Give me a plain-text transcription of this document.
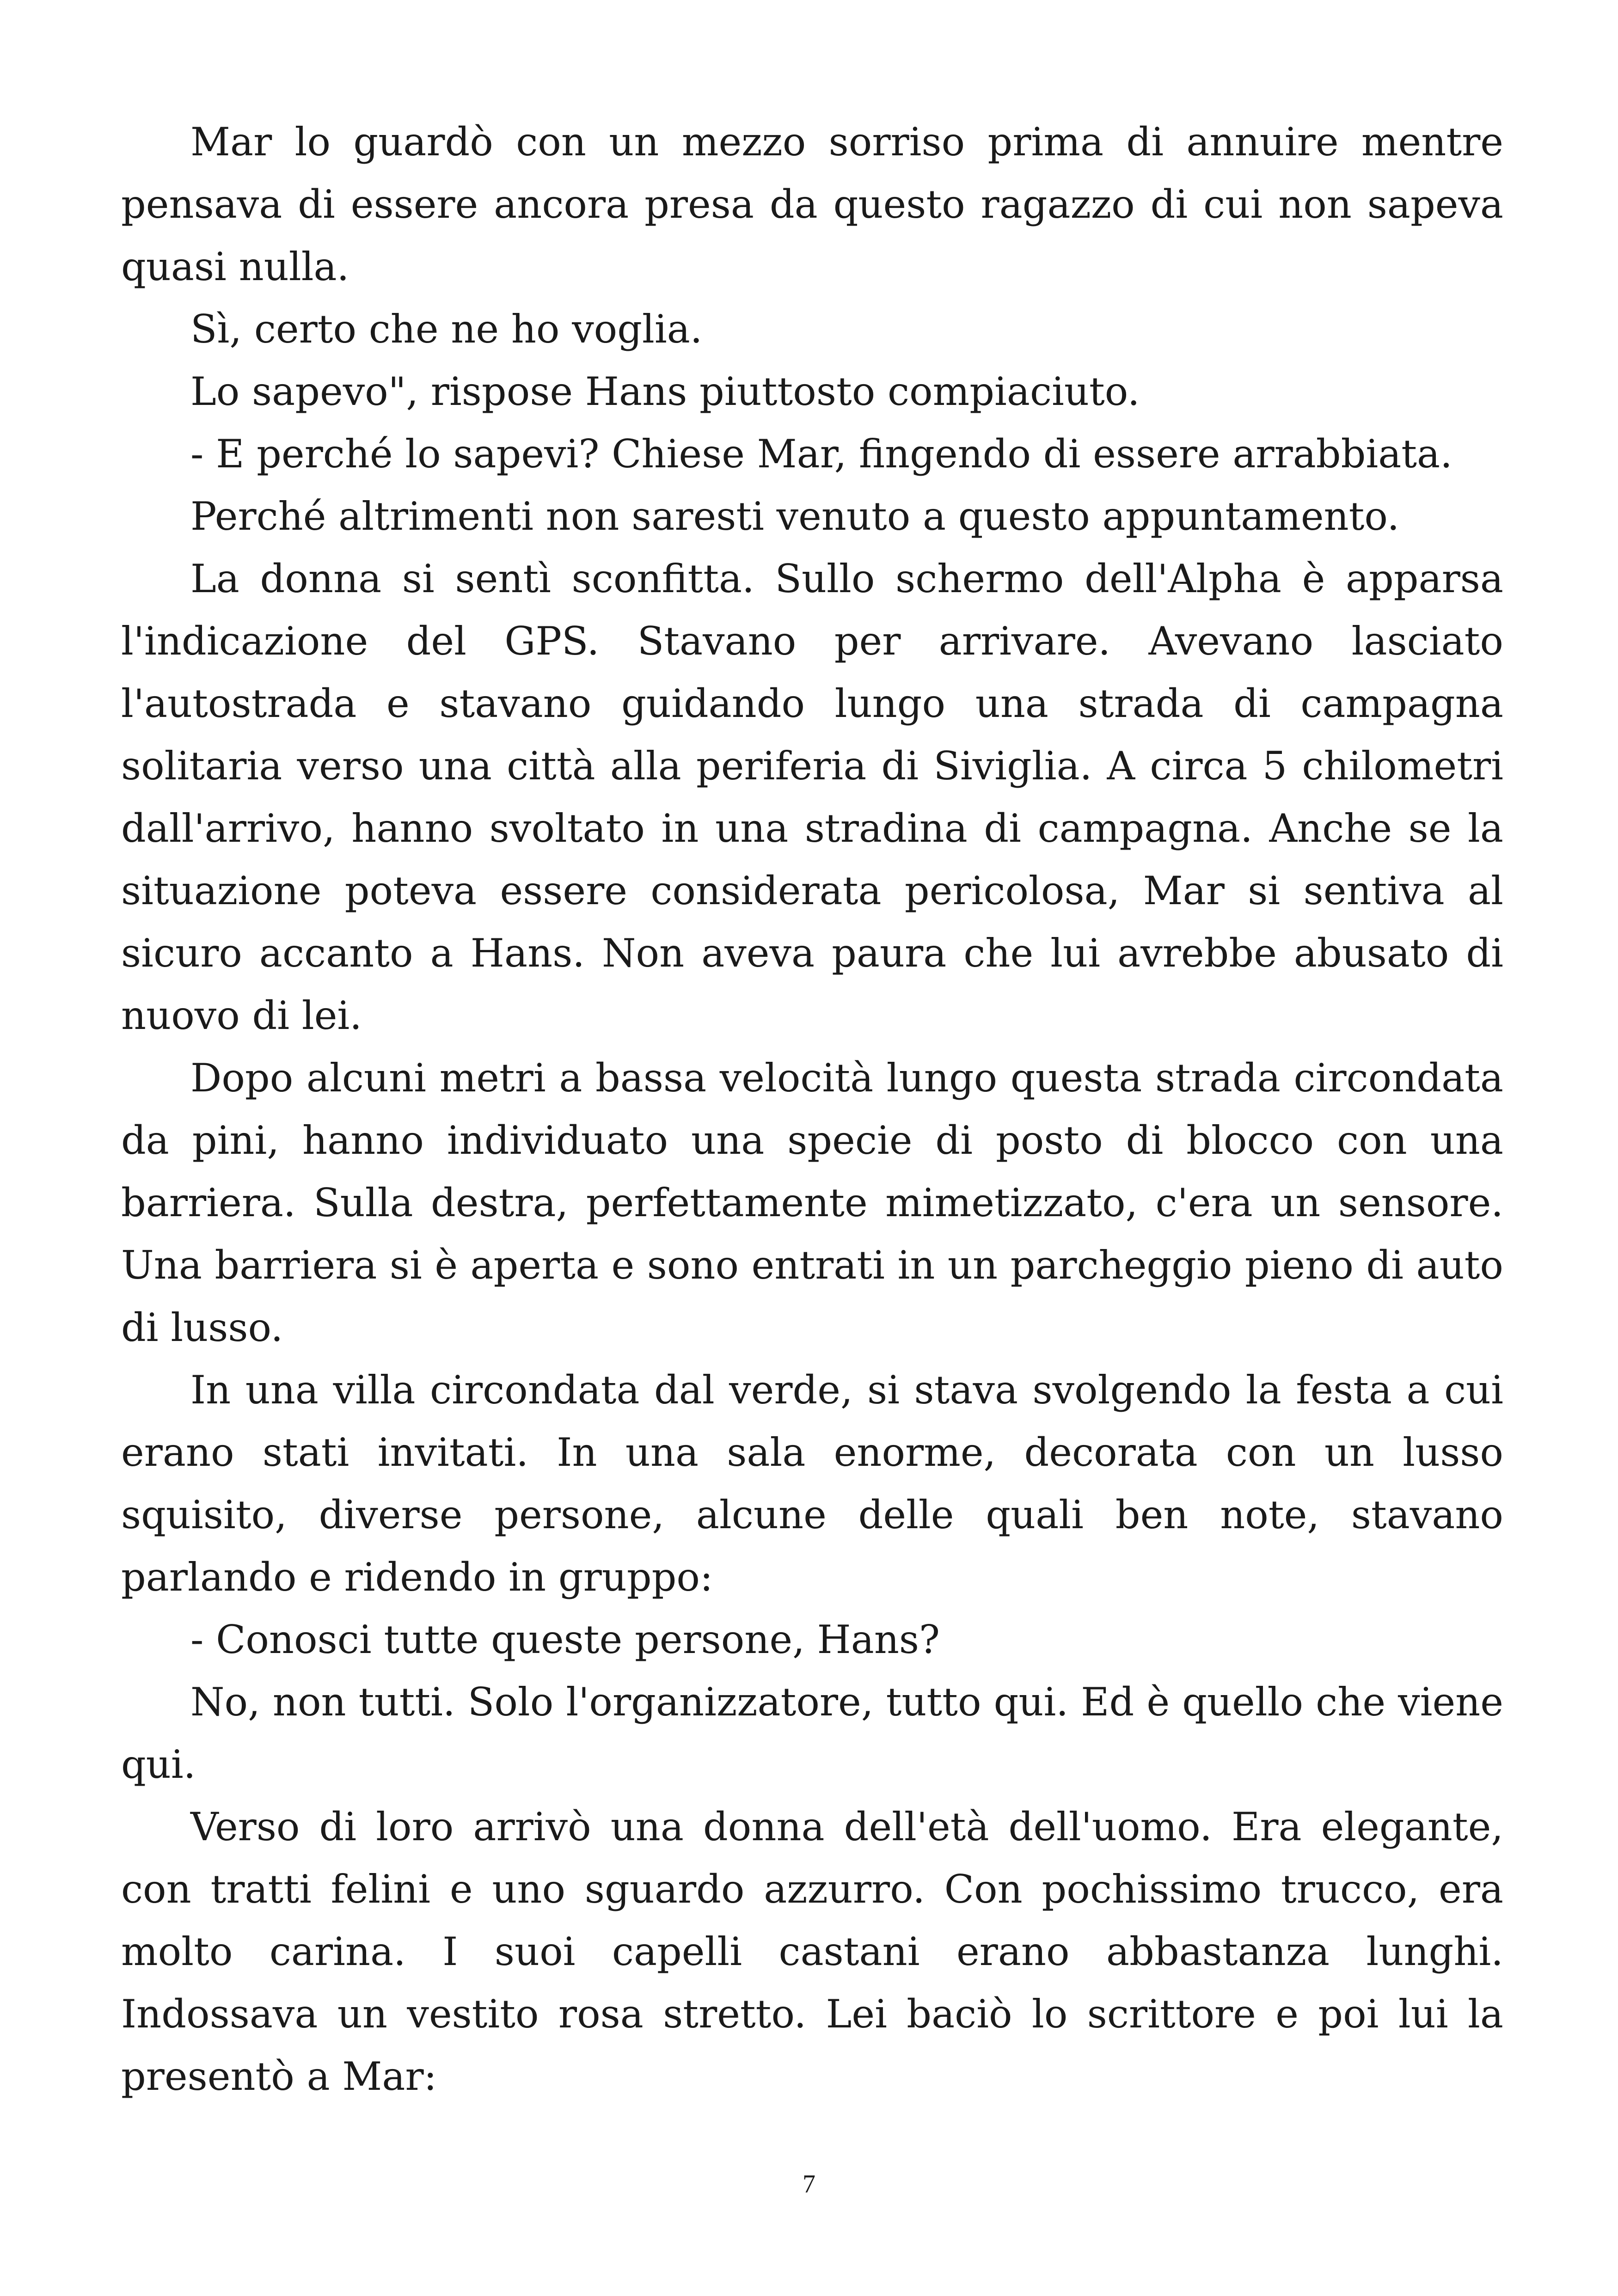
Mar lo guardò con un mezzo sorriso prima di annuire mentre pensava di essere ancora presa da questo ragazzo di cui non sapeva quasi nulla.

Sì, certo che ne ho voglia.

Lo sapevo", rispose Hans piuttosto compiaciuto.

- E perché lo sapevi? Chiese Mar, fingendo di essere arrabbiata.

Perché altrimenti non saresti venuto a questo appuntamento.

La donna si sentì sconfitta. Sullo schermo dell'Alpha è apparsa l'indicazione del GPS. Stavano per arrivare. Avevano lasciato l'autostrada e stavano guidando lungo una strada di campagna solitaria verso una città alla periferia di Siviglia. A circa 5 chilometri dall'arrivo, hanno svoltato in una stradina di campagna. Anche se la situazione poteva essere considerata pericolosa, Mar si sentiva al sicuro accanto a Hans. Non aveva paura che lui avrebbe abusato di nuovo di lei.

Dopo alcuni metri a bassa velocità lungo questa strada circondata da pini, hanno individuato una specie di posto di blocco con una barriera. Sulla destra, perfettamente mimetizzato, c'era un sensore. Una barriera si è aperta e sono entrati in un parcheggio pieno di auto di lusso.

In una villa circondata dal verde, si stava svolgendo la festa a cui erano stati invitati. In una sala enorme, decorata con un lusso squisito, diverse persone, alcune delle quali ben note, stavano parlando e ridendo in gruppo:

- Conosci tutte queste persone, Hans?

No, non tutti. Solo l'organizzatore, tutto qui. Ed è quello che viene qui.

Verso di loro arrivò una donna dell'età dell'uomo. Era elegante, con tratti felini e uno sguardo azzurro. Con pochissimo trucco, era molto carina. I suoi capelli castani erano abbastanza lunghi. Indossava un vestito rosa stretto. Lei baciò lo scrittore e poi lui la presentò a Mar:

7
